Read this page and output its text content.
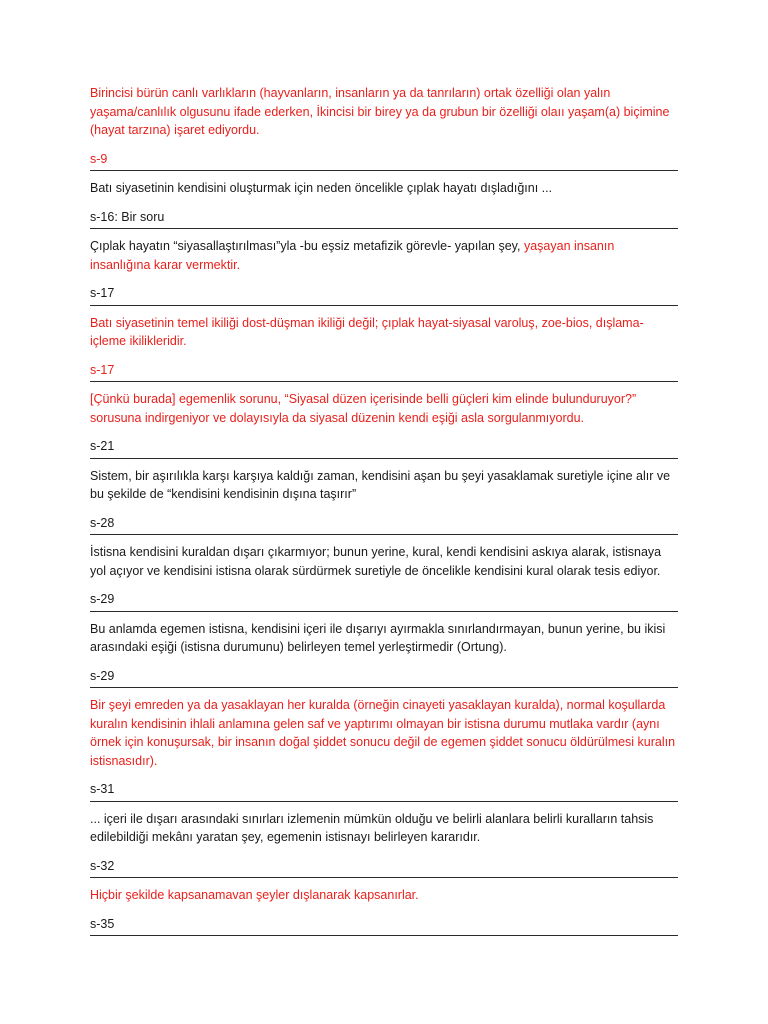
Birincisi bürün canlı varlıkların (hayvanların, insanların ya da tanrıların) ortak özelliği olan yalın yaşama/canlılık olgusunu ifade ederken, İkincisi bir birey ya da grubun bir özelliği olaıı yaşam(a) biçimine (hayat tarzına) işaret ediyordu.

s-9

Batı siyasetinin kendisini oluşturmak için neden öncelikle çıplak hayatı dışladığını ...

s-16: Bir soru

Çıplak hayatın “siyasallaştırılması”yla -bu eşsiz metafizik görevle- yapılan şey, yaşayan insanın insanlığına karar vermektir.

s-17

Batı siyasetinin temel ikiliği dost-düşman ikiliği değil; çıplak hayat-siyasal varoluş, zoe-bios, dışlama-içleme ikilikleridir.

s-17

[Çünkü burada] egemenlik sorunu, “Siyasal düzen içerisinde belli güçleri kim elinde bulunduruyor?” sorusuna indirgeniyor ve dolayısıyla da siyasal düzenin kendi eşiği asla sorgulanmıyordu.

s-21

Sistem, bir aşırılıkla karşı karşıya kaldığı zaman, kendisini aşan bu şeyi yasaklamak suretiyle içine alır ve bu şekilde de “kendisini kendisinin dışına taşırır”

s-28

İstisna kendisini kuraldan dışarı çıkarmıyor; bunun yerine, kural, kendi kendisini askıya alarak, istisnaya yol açıyor ve kendisini istisna olarak sürdürmek suretiyle de öncelikle kendisini kural olarak tesis ediyor.

s-29

Bu anlamda egemen istisna, kendisini içeri ile dışarıyı ayırmakla sınırlandırmayan, bunun yerine, bu ikisi arasındaki eşiği (istisna durumunu) belirleyen temel yerleştirmedir (Ortung).

s-29

Bir şeyi emreden ya da yasaklayan her kuralda (örneğin cinayeti yasaklayan kuralda), normal koşullarda kuralın kendisinin ihlali anlamına gelen saf ve yaptırımı olmayan bir istisna durumu mutlaka vardır (aynı örnek için konuşursak, bir insanın doğal şiddet sonucu değil de egemen şiddet sonucu öldürülmesi kuralın istisnasıdır).

s-31

... içeri ile dışarı arasındaki sınırları izlemenin mümkün olduğu ve belirli alanlara belirli kuralların tahsis edilebildiği mekânı yaratan şey, egemenin istisnayı belirleyen kararıdır.

s-32

Hiçbir şekilde kapsanamavan şeyler dışlanarak kapsanırlar.

s-35
